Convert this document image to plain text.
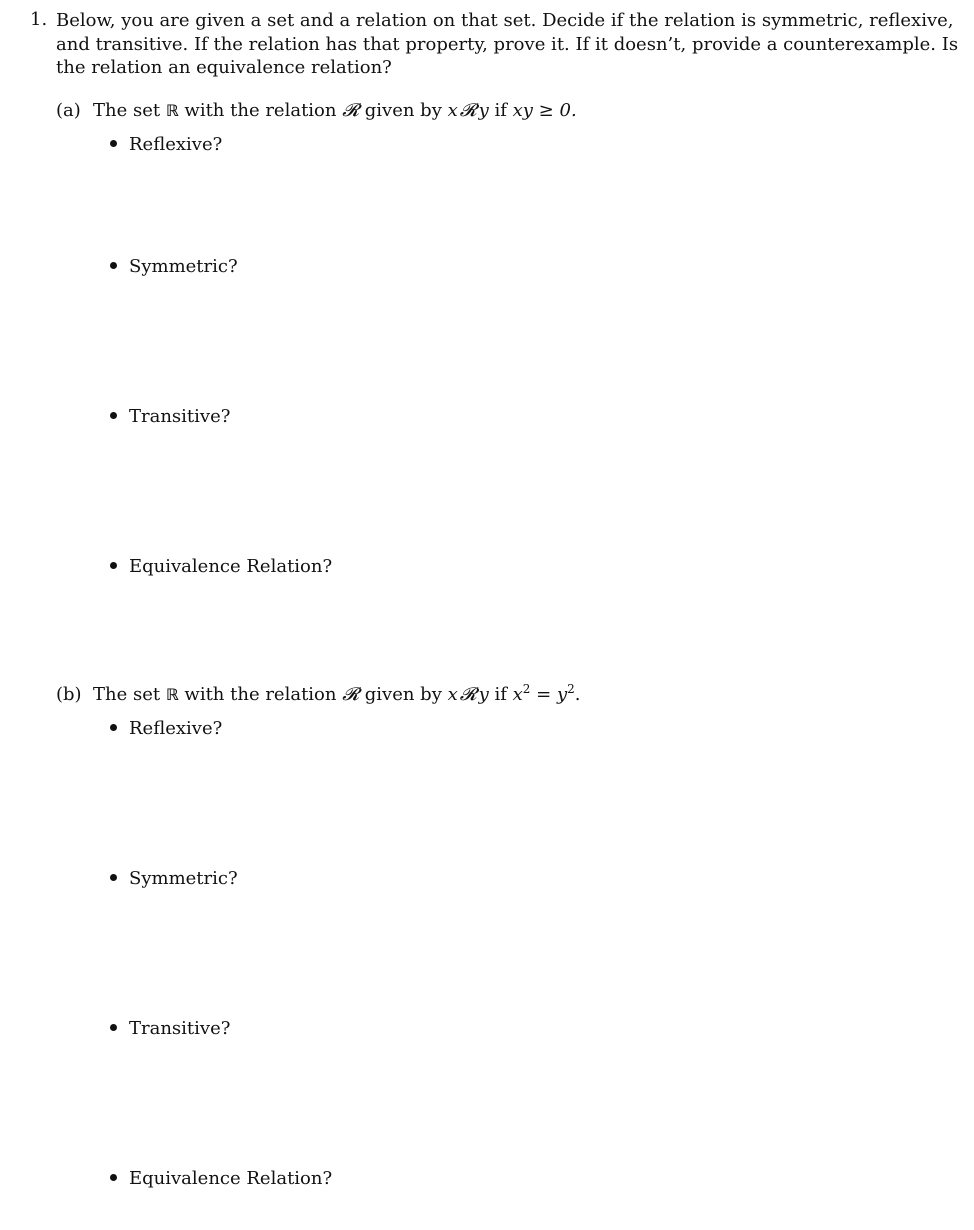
1. Below, you are given a set and a relation on that set. Decide if the relation is symmetric, reflexive,
and transitive. If the relation has that property, prove it. If it doesn’t, provide a counterexample. Is
the relation an equivalence relation?
(a) The set ℝ with the relation 𝓡 given by x 𝓡 y if xy ≥ 0.
Reflexive?
Symmetric?
Transitive?
Equivalence Relation?
(b) The set ℝ with the relation 𝓡 given by x 𝓡 y if $x^2 = y^2$.
Reflexive?
Symmetric?
Transitive?
Equivalence Relation?
